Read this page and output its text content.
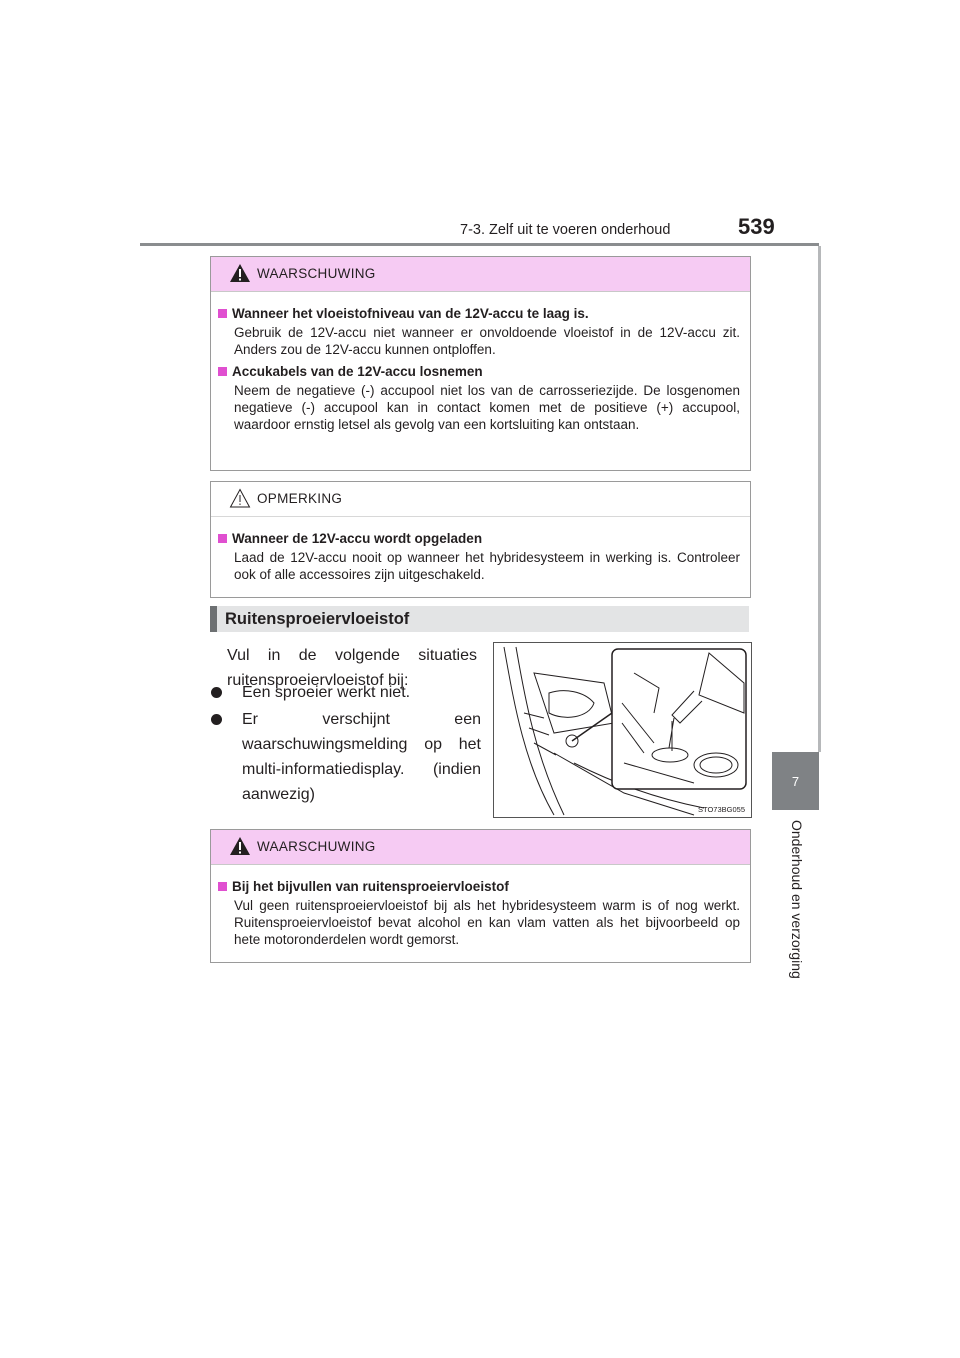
7-3. Zelf uit te voeren onderhoud	539
7
Onderhoud en verzorging
WAARSCHUWING
Wanneer het vloeistofniveau van de 12V-accu te laag is.
Gebruik de 12V-accu niet wanneer er onvoldoende vloeistof in de 12V-accu zit. Anders zou de 12V-accu kunnen ontploffen.
Accukabels van de 12V-accu losnemen
Neem de negatieve (-) accupool niet los van de carrosseriezijde. De losgenomen negatieve (-) accupool kan in contact komen met de positieve (+) accupool, waardoor ernstig letsel als gevolg van een kortsluiting kan ontstaan.
OPMERKING
Wanneer de 12V-accu wordt opgeladen
Laad de 12V-accu nooit op wanneer het hybridesysteem in werking is. Controleer ook of alle accessoires zijn uitgeschakeld.
Ruitensproeiervloeistof
Vul in de volgende situaties ruitensproeiervloeistof bij:
Een sproeier werkt niet.
Er verschijnt een waarschuwingsmelding op het multi-informatiedisplay. (indien aanwezig)
STO73BG055
WAARSCHUWING
Bij het bijvullen van ruitensproeiervloeistof
Vul geen ruitensproeiervloeistof bij als het hybridesysteem warm is of nog werkt. Ruitensproeiervloeistof bevat alcohol en kan vlam vatten als het bijvoorbeeld op hete motoronderdelen wordt gemorst.
